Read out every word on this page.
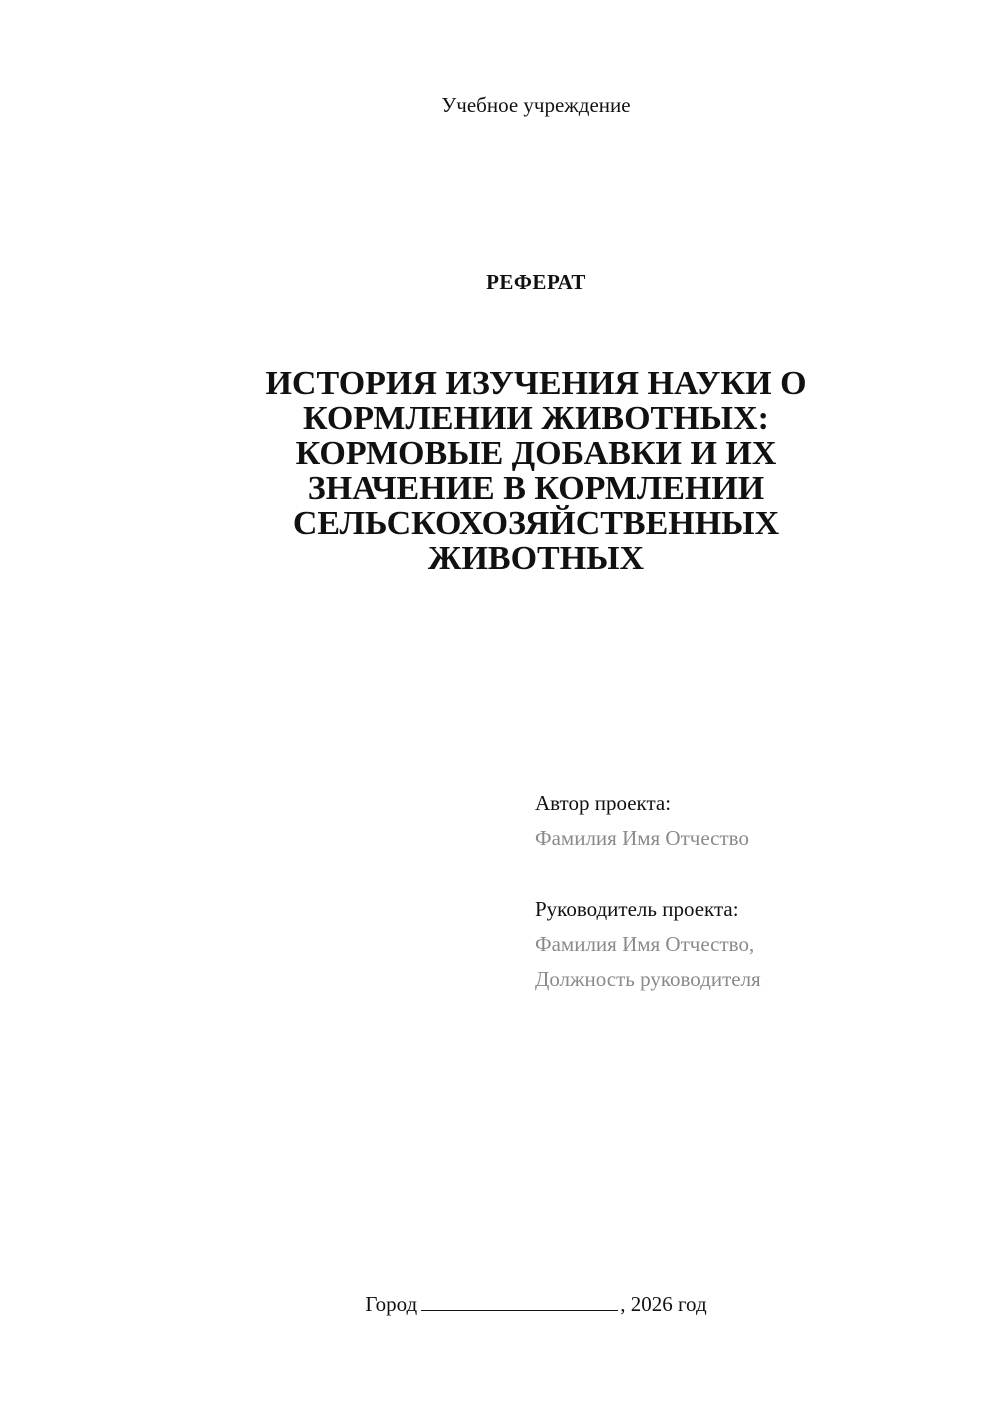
Учебное учреждение
РЕФЕРАТ
ИСТОРИЯ ИЗУЧЕНИЯ НАУКИ О КОРМЛЕНИИ ЖИВОТНЫХ: КОРМОВЫЕ ДОБАВКИ И ИХ ЗНАЧЕНИЕ В КОРМЛЕНИИ СЕЛЬСКОХОЗЯЙСТВЕННЫХ ЖИВОТНЫХ
Автор проекта:
Фамилия Имя Отчество
Руководитель проекта:
Фамилия Имя Отчество,
Должность руководителя
Город	, 2026 год
